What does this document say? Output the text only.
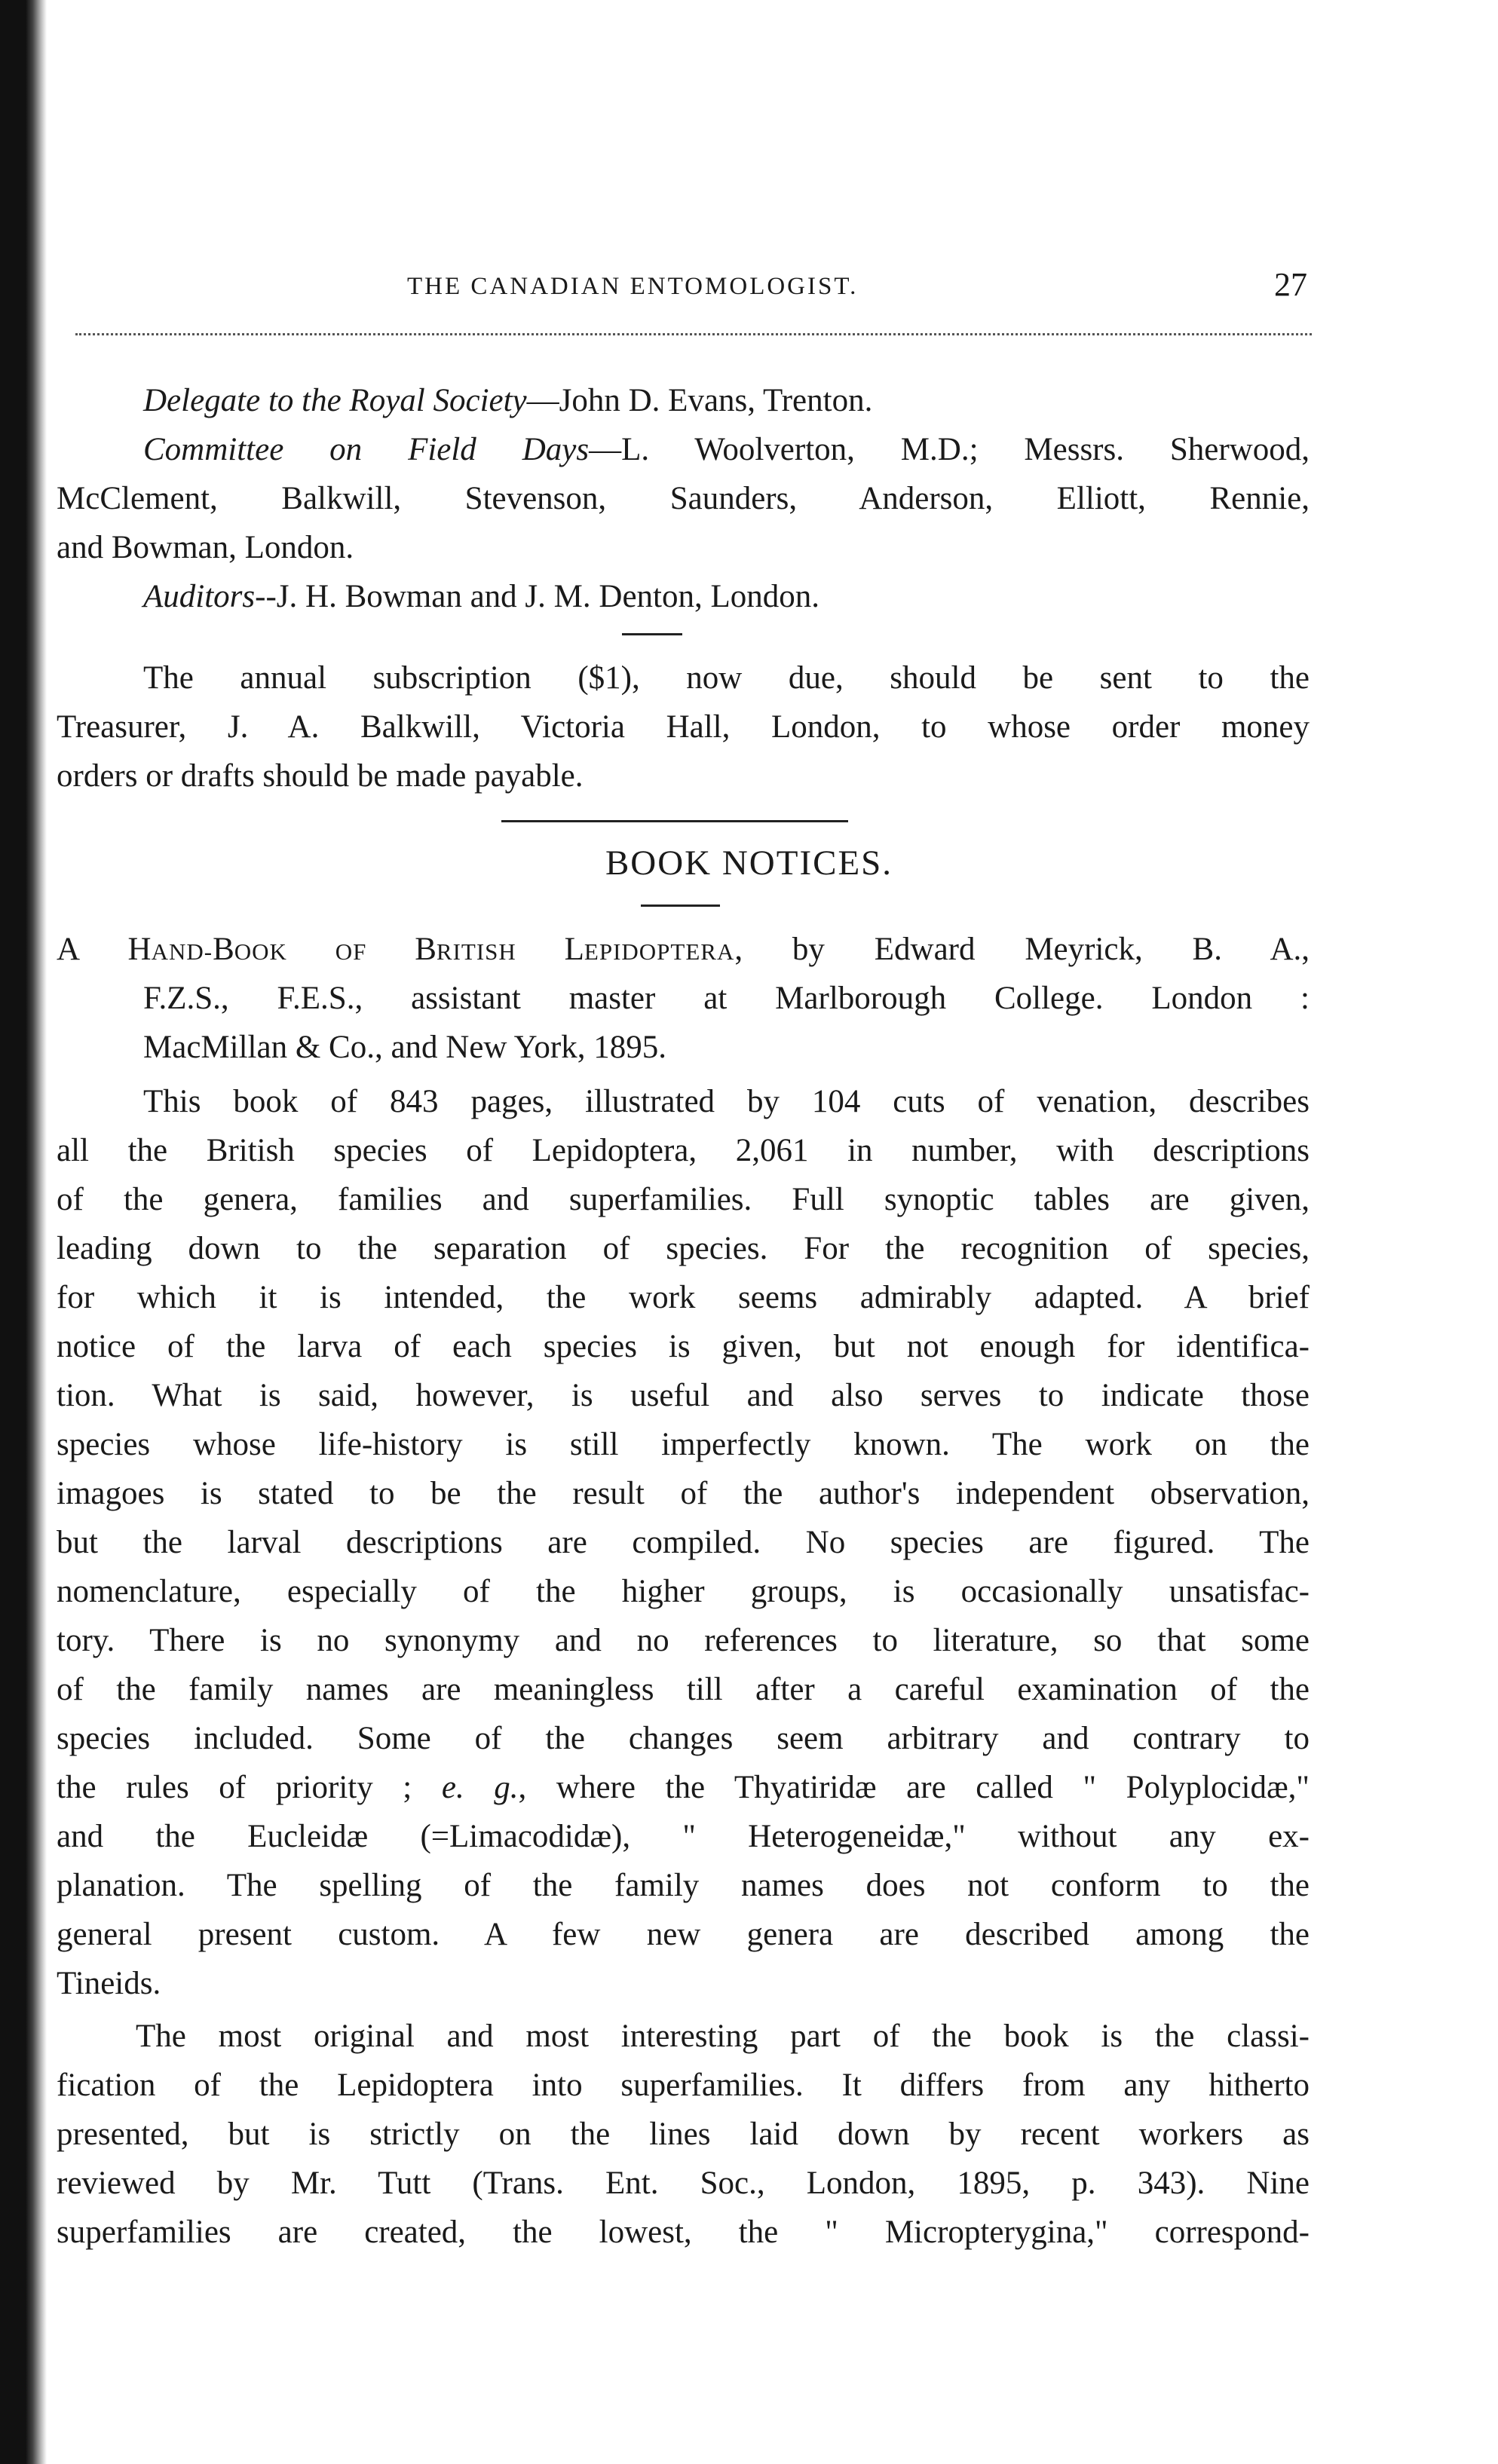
THE CANADIAN ENTOMOLOGIST.	27
Delegate to the Royal Society—John D. Evans, Trenton.
Committee on Field Days—L. Woolverton, M.D.; Messrs. Sherwood,
McClement, Balkwill, Stevenson, Saunders, Anderson, Elliott, Rennie,
and Bowman, London.
Auditors--J. H. Bowman and J. M. Denton, London.
The annual subscription ($1), now due, should be sent to the
Treasurer, J. A. Balkwill, Victoria Hall, London, to whose order money
orders or drafts should be made payable.
BOOK NOTICES.
A HAND-BOOK OF BRITISH LEPIDOPTERA, by Edward Meyrick, B. A.,
F.Z.S., F.E.S., assistant master at Marlborough College. London :
MacMillan & Co., and New York, 1895.
This book of 843 pages, illustrated by 104 cuts of venation, describes
all the British species of Lepidoptera, 2,061 in number, with descriptions
of the genera, families and superfamilies. Full synoptic tables are given,
leading down to the separation of species. For the recognition of species,
for which it is intended, the work seems admirably adapted. A brief
notice of the larva of each species is given, but not enough for identifica-
tion. What is said, however, is useful and also serves to indicate those
species whose life-history is still imperfectly known. The work on the
imagoes is stated to be the result of the author's independent observation,
but the larval descriptions are compiled. No species are figured. The
nomenclature, especially of the higher groups, is occasionally unsatisfac-
tory. There is no synonymy and no references to literature, so that some
of the family names are meaningless till after a careful examination of the
species included. Some of the changes seem arbitrary and contrary to
the rules of priority ; e. g., where the Thyatiridæ are called " Polyplocidæ,"
and the Eucleidæ (=Limacodidæ), " Heterogeneidæ," without any ex-
planation. The spelling of the family names does not conform to the
general present custom. A few new genera are described among the
Tineids.
The most original and most interesting part of the book is the classi-
fication of the Lepidoptera into superfamilies. It differs from any hitherto
presented, but is strictly on the lines laid down by recent workers as
reviewed by Mr. Tutt (Trans. Ent. Soc., London, 1895, p. 343). Nine
superfamilies are created, the lowest, the " Micropterygina," correspond-
